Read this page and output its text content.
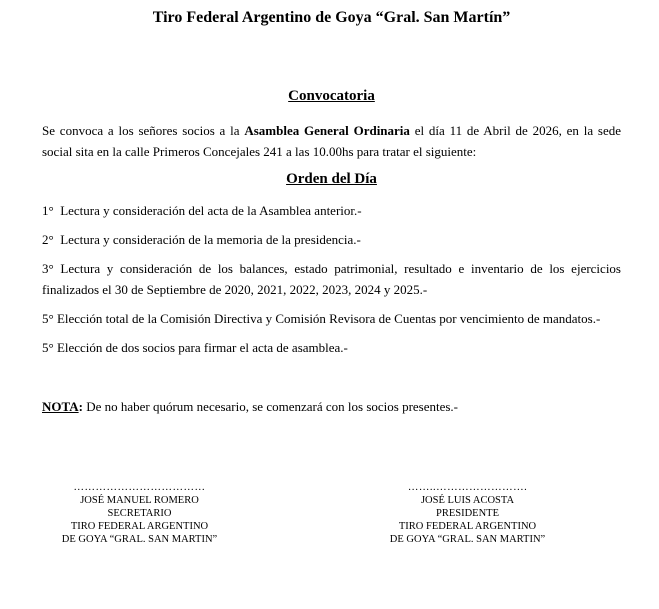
Tiro Federal Argentino de Goya “Gral. San Martín”
Convocatoria

Se convoca a los señores socios a la Asamblea General Ordinaria el día 11 de Abril de 2026, en la sede social sita en la calle Primeros Concejales 241 a las 10.00hs para tratar el siguiente:

Orden del Día

1°  Lectura y consideración del acta de la Asamblea anterior.-

2°  Lectura y consideración de la memoria de la presidencia.-

3° Lectura y consideración de los balances, estado patrimonial, resultado e inventario de los ejercicios finalizados el 30 de Septiembre de 2020, 2021, 2022, 2023, 2024 y 2025.-

5° Elección total de la Comisión Directiva y Comisión Revisora de Cuentas por vencimiento de mandatos.-

5° Elección de dos socios para firmar el acta de asamblea.-

NOTA: De no haber quórum necesario, se comenzará con los socios presentes.-

………………………………
JOSÉ MANUEL ROMERO
SECRETARIO
TIRO FEDERAL ARGENTINO
DE GOYA “GRAL. SAN MARTIN”
……..…………………….
JOSÉ LUIS ACOSTA
PRESIDENTE
TIRO FEDERAL ARGENTINO
DE GOYA “GRAL. SAN MARTIN”
